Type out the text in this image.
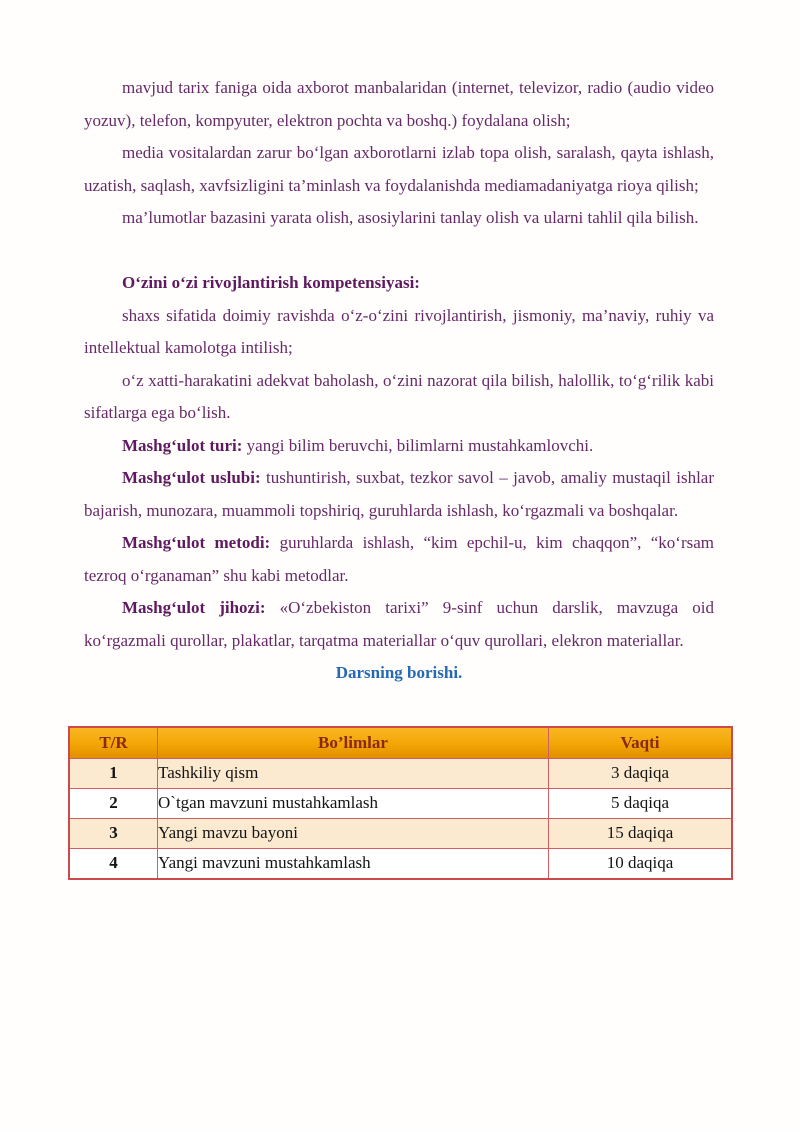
mavjud tarix faniga oida axborot manbalaridan (internet, televizor, radio (audio video yozuv), telefon, kompyuter, elektron pochta va boshq.) foydalana olish;

media vositalardan zarur bo‘lgan axborotlarni izlab topa olish, saralash, qayta ishlash, uzatish, saqlash, xavfsizligini ta’minlash va foydalanishda mediamadaniyatga rioya qilish;

ma’lumotlar bazasini yarata olish, asosiylarini tanlay olish va ularni tahlil qila bilish.

O‘zini o‘zi rivojlantirish kompetensiyasi:

shaxs sifatida doimiy ravishda o‘z-o‘zini rivojlantirish, jismoniy, ma’naviy, ruhiy va intellektual kamolotga intilish;

o‘z xatti-harakatini adekvat baholash, o‘zini nazorat qila bilish, halollik, to‘g‘rilik kabi sifatlarga ega bo‘lish.

Mashg‘ulot turi: yangi bilim beruvchi, bilimlarni mustahkamlovchi.

Mashg‘ulot uslubi: tushuntirish, suxbat, tezkor savol – javob, amaliy mustaqil ishlar bajarish, munozara, muammoli topshiriq, guruhlarda ishlash, ko‘rgazmali va boshqalar.

Mashg‘ulot metodi: guruhlarda ishlash, “kim epchil-u, kim chaqqon”, “ko‘rsam tezroq o‘rganaman” shu kabi metodlar.

Mashg‘ulot jihozi: «O‘zbekiston tarixi” 9-sinf uchun darslik, mavzuga oid ko‘rgazmali qurollar, plakatlar, tarqatma materiallar o‘quv qurollari, elekron materiallar.

Darsning borishi.

T/R	Bo’limlar	Vaqti
1	Tashkiliy qism	3 daqiqa
2	O`tgan mavzuni mustahkamlash	5 daqiqa
3	Yangi mavzu bayoni	15 daqiqa
4	Yangi mavzuni mustahkamlash	10 daqiqa
